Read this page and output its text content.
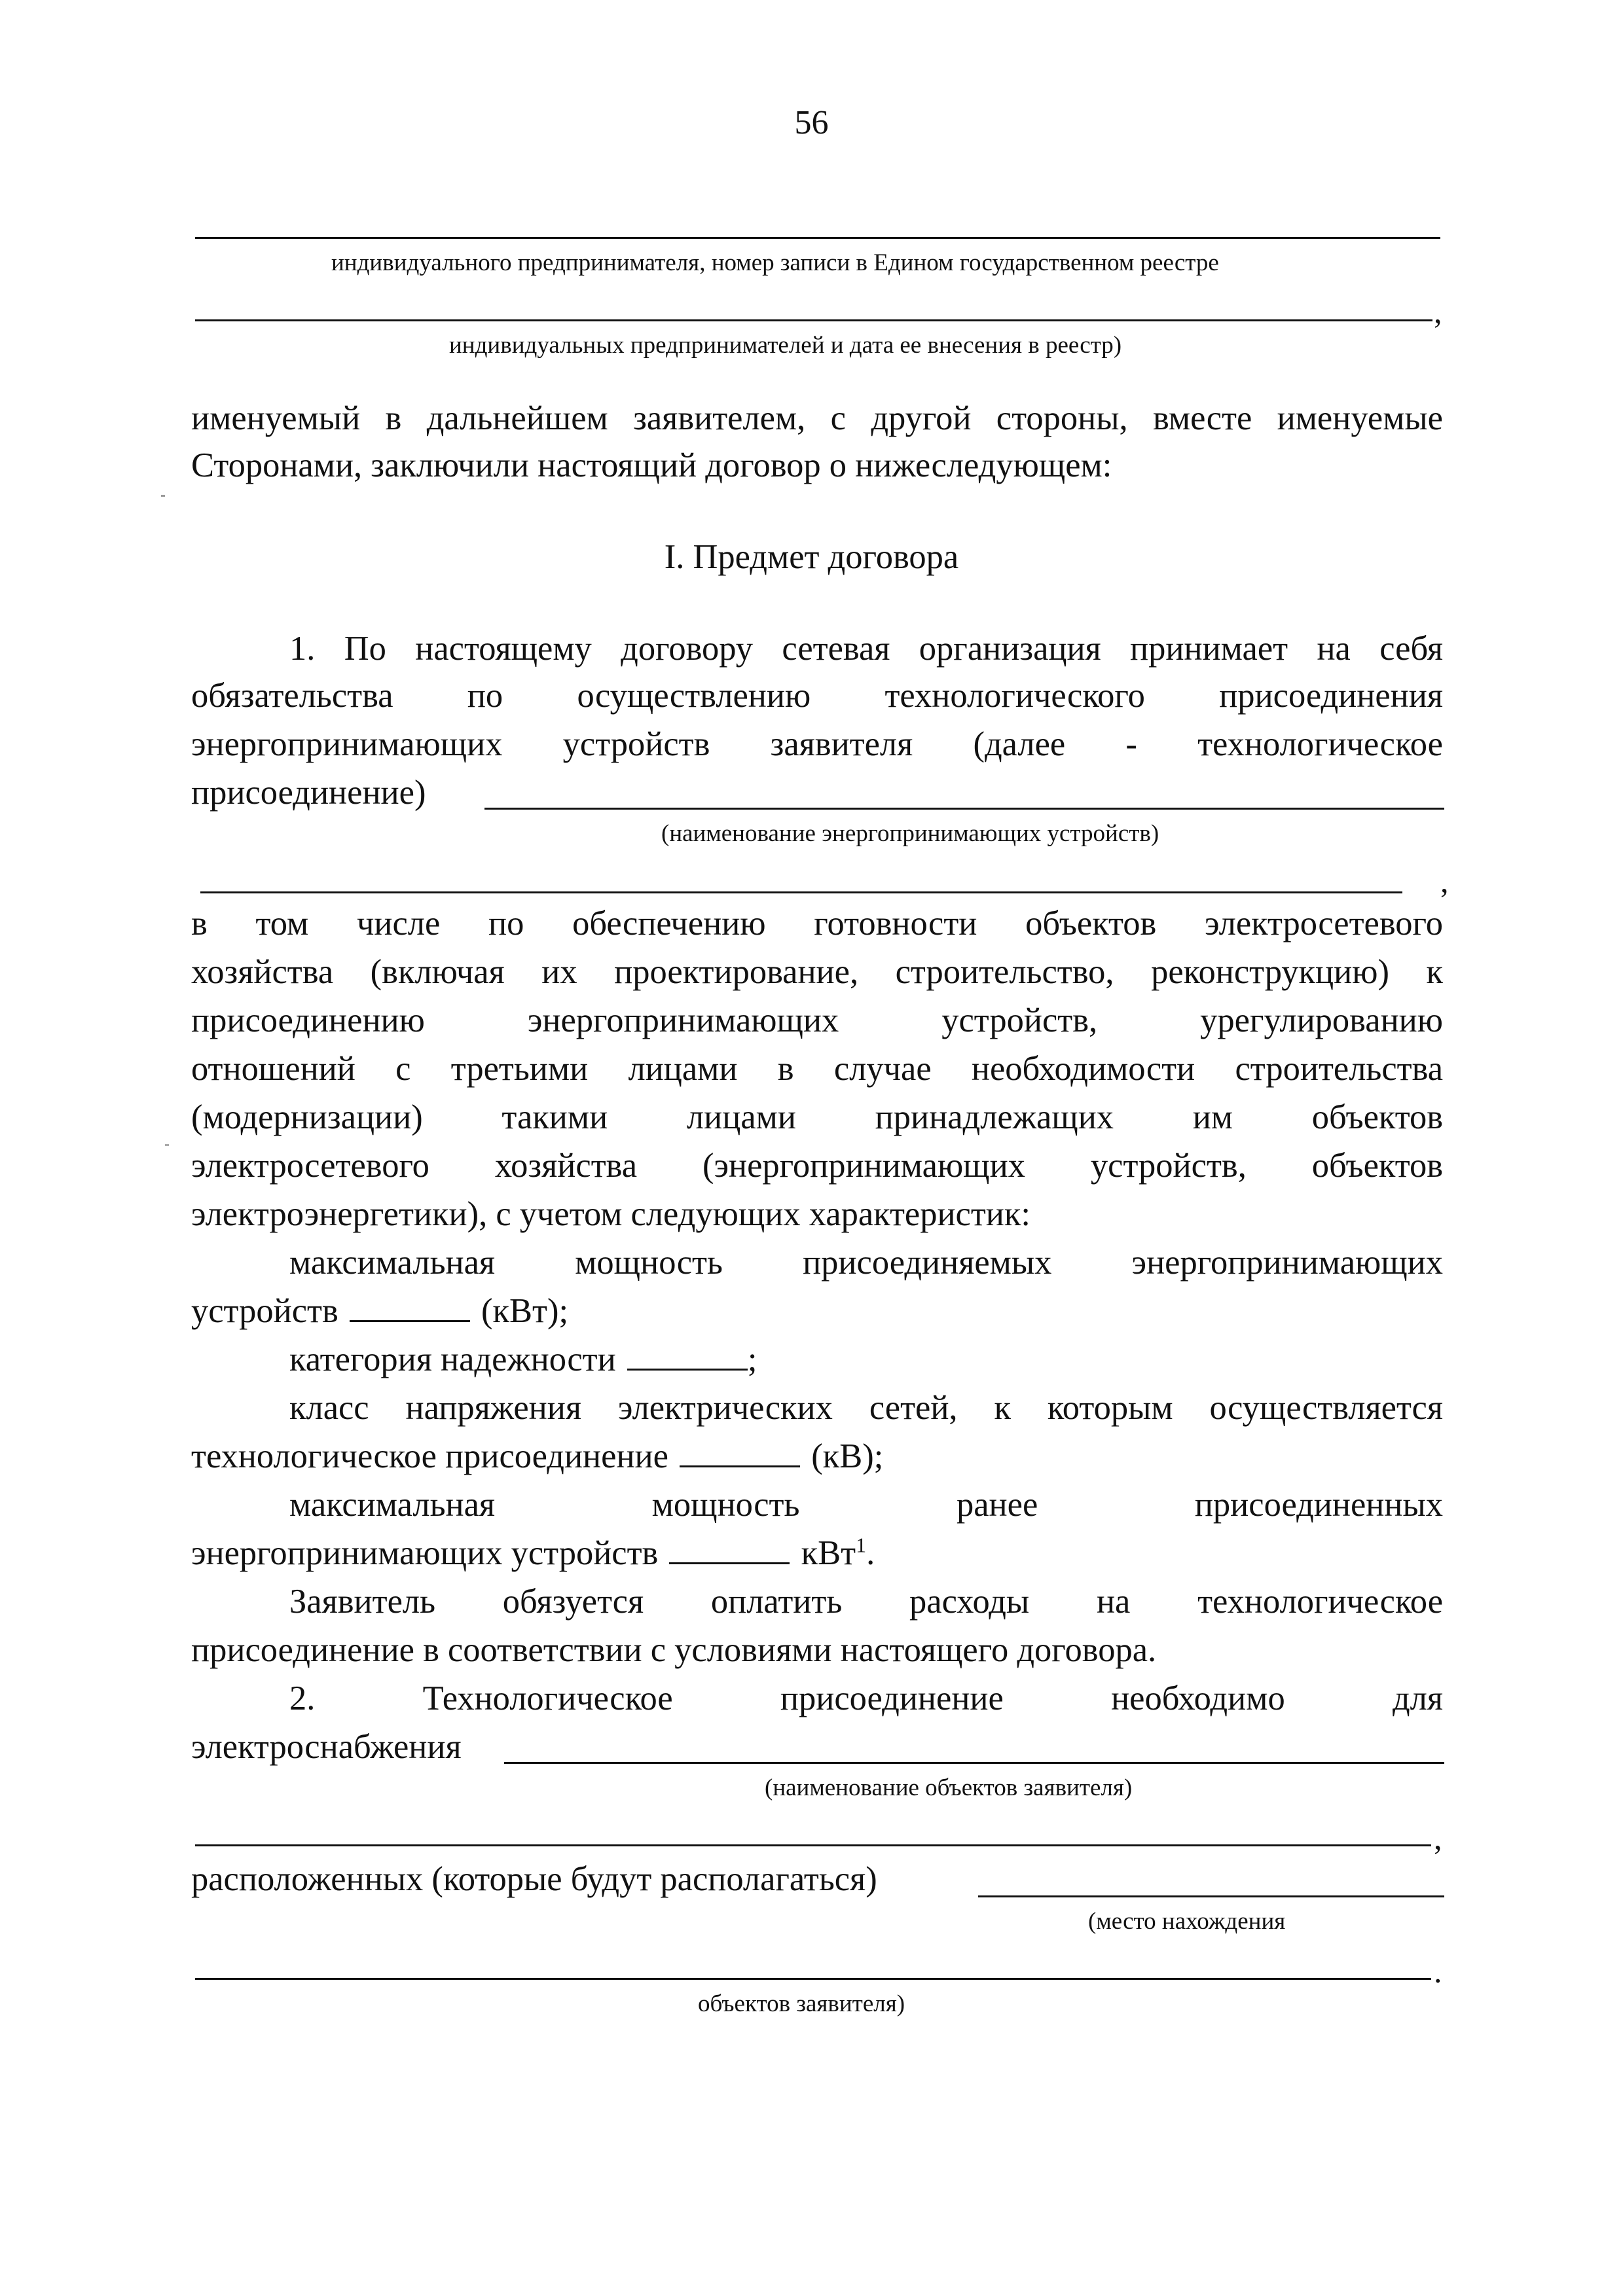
56
индивидуального предпринимателя, номер записи в Едином государственном реестре
,
индивидуальных предпринимателей и дата ее внесения в реестр)
именуемый в дальнейшем заявителем, с другой стороны, вместе именуемые
Сторонами, заключили настоящий договор о нижеследующем:
I. Предмет договора
1. По настоящему договору сетевая организация принимает на себя
обязательства по осуществлению технологического присоединения
энергопринимающих устройств заявителя (далее - технологическое
присоединение)
(наименование энергопринимающих устройств)
,
в том числе по обеспечению готовности объектов электросетевого
хозяйства (включая их проектирование, строительство, реконструкцию) к
присоединению энергопринимающих устройств, урегулированию
отношений с третьими лицами в случае необходимости строительства
(модернизации) такими лицами принадлежащих им объектов
электросетевого хозяйства (энергопринимающих устройств, объектов
электроэнергетики), с учетом следующих характеристик:
максимальная мощность присоединяемых энергопринимающих
устройств	(кВт);
категория надежности	;
класс напряжения электрических сетей, к которым осуществляется
технологическое присоединение	(кВ);
максимальная мощность ранее присоединенных
энергопринимающих устройств	кВт$^1$.
Заявитель обязуется оплатить расходы на технологическое
присоединение в соответствии с условиями настоящего договора.
2. Технологическое присоединение необходимо для
электроснабжения
(наименование объектов заявителя)
,
расположенных (которые будут располагаться)
(место нахождения
.
объектов заявителя)
